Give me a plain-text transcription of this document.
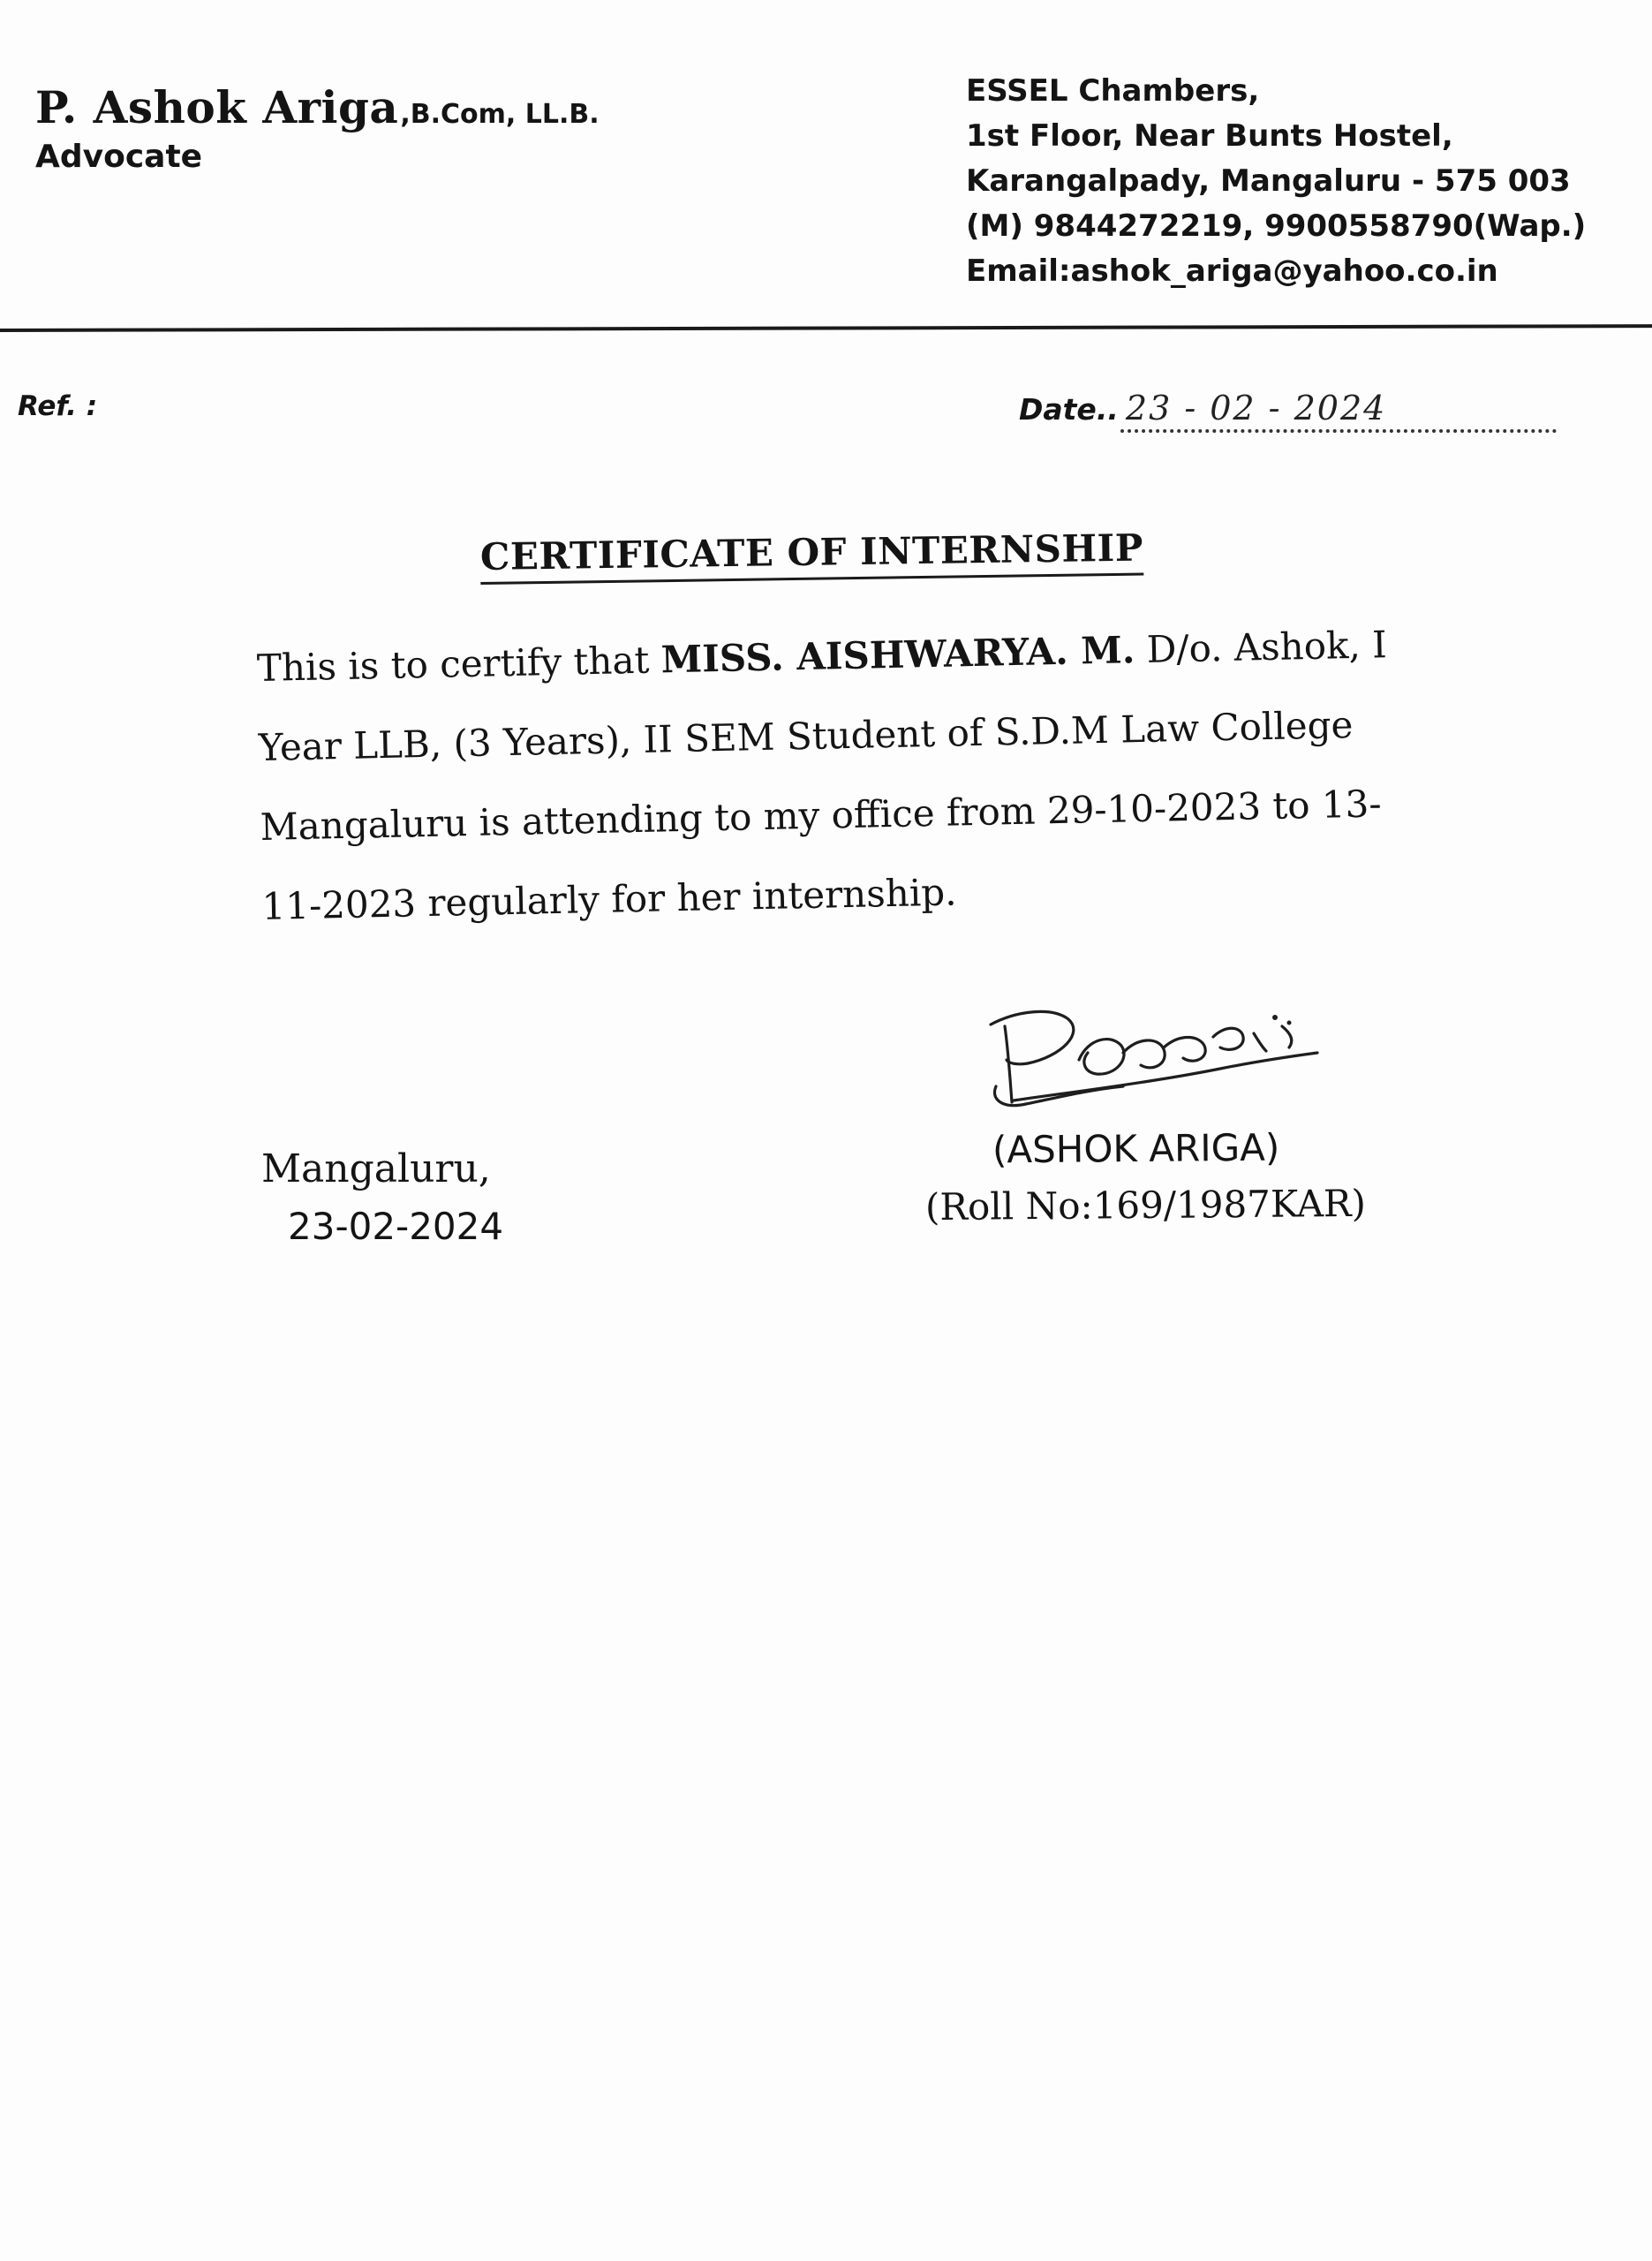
P. Ashok Ariga,B.Com, LL.B.
Advocate
ESSEL Chambers,
1st Floor, Near Bunts Hostel,
Karangalpady, Mangaluru - 575 003
(M) 9844272219, 9900558790(Wap.)
Email:ashok_ariga@yahoo.co.in
Ref. :	Date.. 23 - 02 - 2024
CERTIFICATE OF INTERNSHIP
This is to certify that MISS. AISHWARYA. M. D/o. Ashok, I
Year LLB, (3 Years), II SEM Student of S.D.M Law College
Mangaluru is attending to my office from 29-10-2023 to 13-
11-2023 regularly for her internship.
(ASHOK ARIGA)
(Roll No:169/1987KAR)
Mangaluru,
23-02-2024
